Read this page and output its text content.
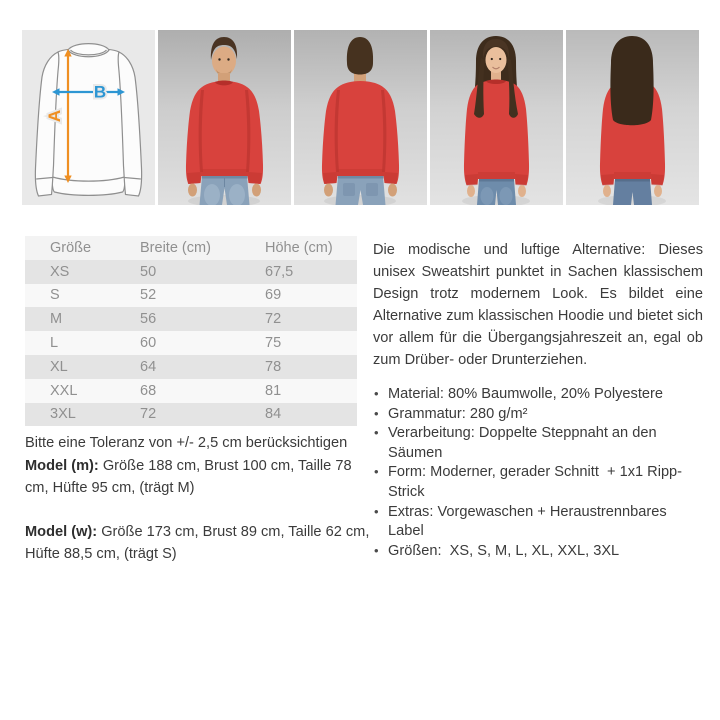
A
B
Größe	Breite (cm)	Höhe (cm)
XS	50	67,5
S	52	69
M	56	72
L	60	75
XL	64	78
XXL	68	81
3XL	72	84

Bitte eine Toleranz von +/- 2,5 cm berücksichtigen

Model (m): Größe 188 cm, Brust 100 cm, Taille 78 cm, Hüfte 95 cm, (trägt M)

Model (w): Größe 173 cm, Brust 89 cm, Taille 62 cm, Hüfte 88,5 cm, (trägt S)

Die modische und luftige Alternative: Dieses unisex Sweatshirt punktet in Sachen klassischem Design trotz modernem Look. Es bildet eine Alternative zum klassischen Hoodie und bietet sich vor allem für die Übergangsjahreszeit an, egal ob zum Drüber- oder Drunterziehen.

• Material: 80% Baumwolle, 20% Polyestere
• Grammatur: 280 g/m²
• Verarbeitung: Doppelte Steppnaht an den Säumen
• Form: Moderner, gerader Schnitt  + 1x1 Ripp-Strick
• Extras: Vorgewaschen + Heraustrennbares Label
• Größen:  XS, S, M, L, XL, XXL, 3XL
